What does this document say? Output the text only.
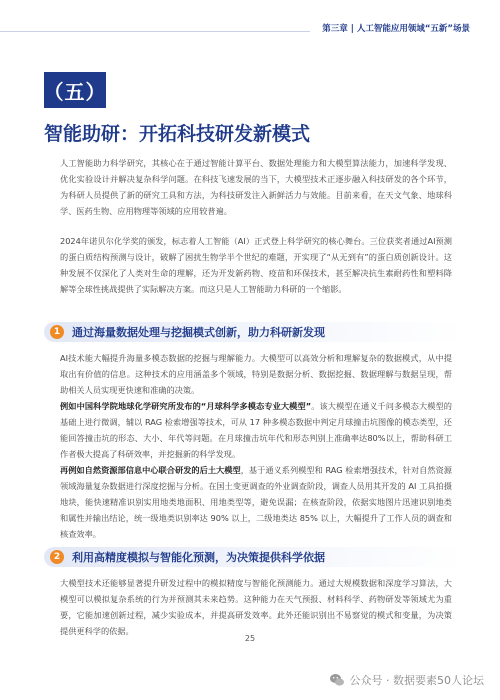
第三章 | 人工智能应用领域“五新”场景
（五）
智能助研：开拓科技研发新模式

人工智能助力科学研究，其核心在于通过智能计算平台、数据处理能力和大模型算法能力，加速科学发现、优化实验设计并解决复杂科学问题。在科技飞速发展的当下，大模型技术正逐步融入科技研发的各个环节，为科研人员提供了新的研究工具和方法，为科技研发注入新鲜活力与效能。目前来看，在天文气象、地球科学、医药生物、应用物理等领域的应用较普遍。

2024年诺贝尔化学奖的颁发，标志着人工智能（AI）正式登上科学研究的核心舞台。三位获奖者通过AI预测的蛋白质结构预测与设计，破解了困扰生物学半个世纪的难题，开实现了“从无到有”的蛋白质创新设计。这种发展不仅深化了人类对生命的理解，还为开发新药物、疫苗和环保技术，甚至解决抗生素耐药性和塑料降解等全球性挑战提供了实际解决方案。而这只是人工智能助力科研的一个缩影。

1	通过海量数据处理与挖掘模式创新，助力科研新发现

AI技术能大幅提升海量多模态数据的挖掘与理解能力。大模型可以高效分析和理解复杂的数据模式，从中提取出有价值的信息。这种技术的应用涵盖多个领域，特别是数据分析、数据挖掘、数据理解与数据呈现，帮助相关人员实现更快速和准确的决策。

例如中国科学院地球化学研究所发布的“月球科学多模态专业大模型”。该大模型在通义千问多模态大模型的基础上进行微调，辅以 RAG 检索增强等技术，可从 17 种多模态数据中判定月球撞击坑图像的模态类型，还能回答撞击坑的形态、大小、年代等问题。在月球撞击坑年代和形态判别上准确率达80%以上，帮助科研工作者极大提高了科研效率，并挖掘新的科学发现。

再例如自然资源部信息中心联合研发的后土大模型，基于通义系列模型和 RAG 检索增强技术，针对自然资源领域海量复杂数据进行深度挖掘与分析。在国土变更调查的外业调查阶段，调查人员用其开发的 AI 工具拍摄地块，能快速精准识别实用地类地面积、用地类型等，避免误漏；在核查阶段，依据实地图片迅速识别地类和属性并输出结论，统一级地类识别率达 90% 以上，二级地类达 85% 以上，大幅提升了工作人员的调查和核查效率。

2	利用高精度模拟与智能化预测，为决策提供科学依据

大模型技术还能够显著提升研发过程中的模拟精度与智能化预测能力。通过大规模数据和深度学习算法，大模型可以模拟复杂系统的行为并预测其未来趋势。这种能力在天气预报、材料科学、药物研发等领域尤为重要，它能加速创新过程，减少实验成本，并提高研发效率。此外还能识别出不易察觉的模式和变量，为决策提供更科学的依据。

25
公众号 · 数据要素50人论坛
